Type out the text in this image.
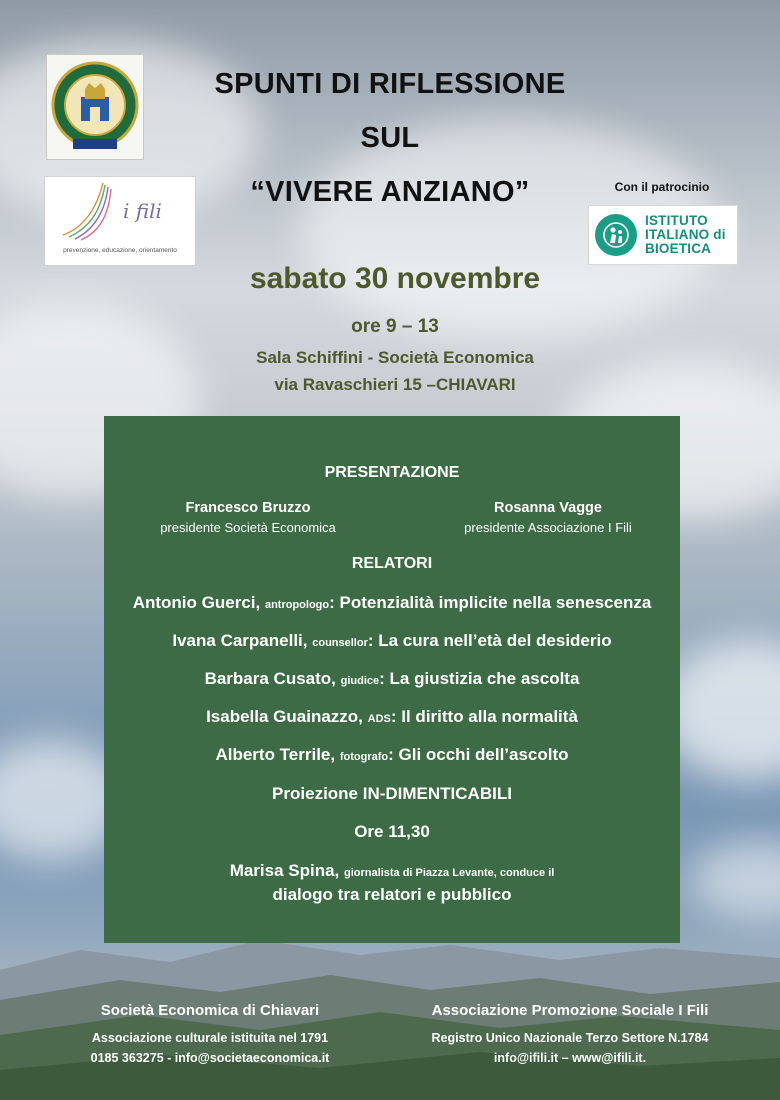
i fili
prevenzione, educazione, orientamento
SPUNTI DI RIFLESSIONE
SUL
“VIVERE ANZIANO”	Con il patrocinio
ISTITUTO
ITALIANO di
BIOETICA
sabato 30 novembre
ore 9 – 13
Sala Schiffini - Società Economica
via Ravaschieri 15 –CHIAVARI
PRESENTAZIONE
Francesco Bruzzo
presidente Società Economica
Rosanna Vagge
presidente Associazione I Fili
RELATORI
Antonio Guerci, antropologo: Potenzialità implicite nella senescenza
Ivana Carpanelli, counsellor: La cura nell’età del desiderio
Barbara Cusato, giudice: La giustizia che ascolta
Isabella Guainazzo, ADS: Il diritto alla normalità
Alberto Terrile, fotografo: Gli occhi dell’ascolto
Proiezione IN-DIMENTICABILI
Ore 11,30
Marisa Spina, giornalista di Piazza Levante, conduce il
dialogo tra relatori e pubblico
Società Economica di Chiavari
Associazione culturale istituita nel 1791
0185 363275 - info@societaeconomica.it
Associazione Promozione Sociale I Fili
Registro Unico Nazionale Terzo Settore N.1784
info@ifili.it – www@ifili.it.
